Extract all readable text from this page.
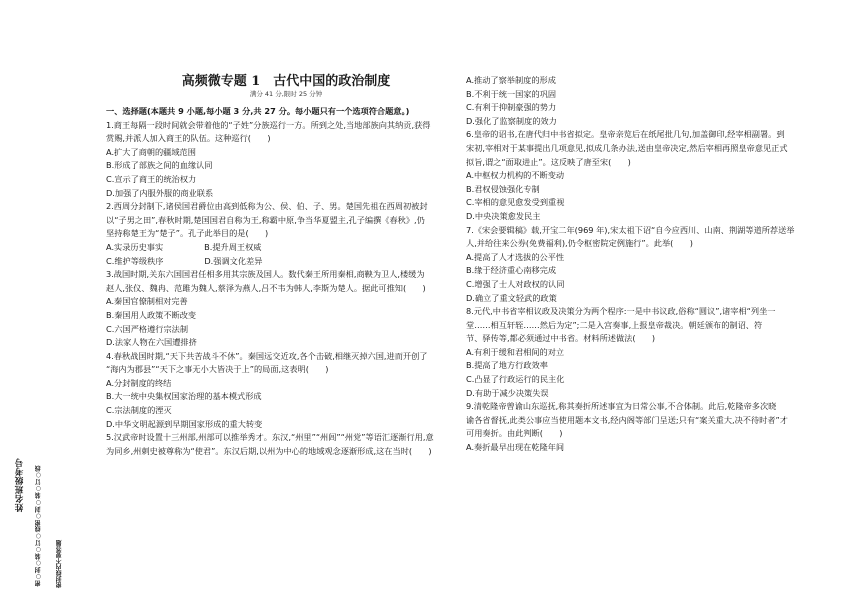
姓名班级考号 密○封○装○订○线密○封○装○订○线 密封线内不要答题
高频微专题 1　古代中国的政治制度
满分 41 分,限时 25 分钟

一、选择题(本题共 9 小题,每小题 3 分,共 27 分。每小题只有一个选项符合题意。)

1.商王每隔一段时间就会带着他的“子姓”分族巡行一方。所到之处,当地部族向其纳贡,获得

赏赐,并派人加入商王的队伍。这种巡行(　　)

A.扩大了商朝的疆域范围

B.形成了部族之间的血缘认同

C.宣示了商王的统治权力

D.加强了内服外服的商业联系

2.西周分封制下,诸侯国君爵位由高到低称为公、侯、伯、子、男。楚国先祖在西周初被封

以“子男之田”,春秋时期,楚国国君自称为王,称霸中原,争当华夏盟主,孔子编撰《春秋》,仍

坚持称楚王为“楚子”。孔子此举目的是(　　)

A.实录历史事实　　　　　B.提升周王权威

C.维护等级秩序　　　　　D.强调文化差异

3.战国时期,关东六国国君任相多用其宗族及国人。数代秦王所用秦相,商鞅为卫人,楼缓为

赵人,张仪、魏冉、范雎为魏人,蔡泽为燕人,吕不韦为韩人,李斯为楚人。据此可推知(　　)

A.秦国官僚制相对完善

B.秦国用人政策不断改变

C.六国严格遵行宗法制

D.法家人物在六国遭排挤

4.春秋战国时期,“天下共苦战斗不休”。秦国远交近攻,各个击破,相继灭掉六国,进而开创了

“海内为郡县”“天下之事无小大皆决于上”的局面,这表明(　　)

A.分封制度的终结

B.大一统中央集权国家治理的基本模式形成

C.宗法制度的湮灭

D.中华文明起源到早期国家形成的重大转变

5.汉武帝时设置十三州部,州部可以推举秀才。东汉,“州里”“州闾”“州党”等语汇逐渐行用,意

为同乡,州刺史被尊称为“使君”。东汉后期,以州为中心的地域观念逐渐形成,这在当时(　　)

A.推动了察举制度的形成

B.不利于统一国家的巩固

C.有利于抑制豪强的势力

D.强化了监察制度的效力

6.皇帝的诏书,在唐代归中书省拟定。皇帝亲览后在纸尾批几句,加盖御印,经宰相副署。到

宋初,宰相对于某事提出几项意见,拟成几条办法,送由皇帝决定,然后宰相再照皇帝意见正式

拟旨,谓之“面取进止”。这反映了唐至宋(　　)

A.中枢权力机构的不断变动

B.君权侵蚀强化专制

C.宰相的意见愈发受到重视

D.中央决策愈发民主

7.《宋会要辑稿》载,开宝二年(969 年),宋太祖下诏“自今应西川、山南、荆湖等道所荐送举

人,并给往来公券(免费福利),仍令枢密院定例施行”。此举(　　)

A.提高了人才选拔的公平性

B.缘于经济重心南移完成

C.增强了士人对政权的认同

D.确立了重文轻武的政策

8.元代,中书省宰相议政及决策分为两个程序:一是中书议政,俗称“圆议”,诸宰相“列坐一

堂……相互轩轾……然后为定”;二是入宫奏事,上报皇帝裁决。朝廷颁布的制诏、符

节、驿传等,都必须通过中书省。材料所述做法(　　)

A.有利于缓和君相间的对立

B.提高了地方行政效率

C.凸显了行政运行的民主化

D.有助于减少决策失误

9.清乾隆帝曾谕山东巡抚,称其奏折所述事宜为日常公事,不合体制。此后,乾隆帝多次晓

谕各省督抚,此类公事应当使用题本文书,经内阁等部门呈送;只有“案关重大,决不待时者”才

可用奏折。由此判断(　　)

A.奏折最早出现在乾隆年间
